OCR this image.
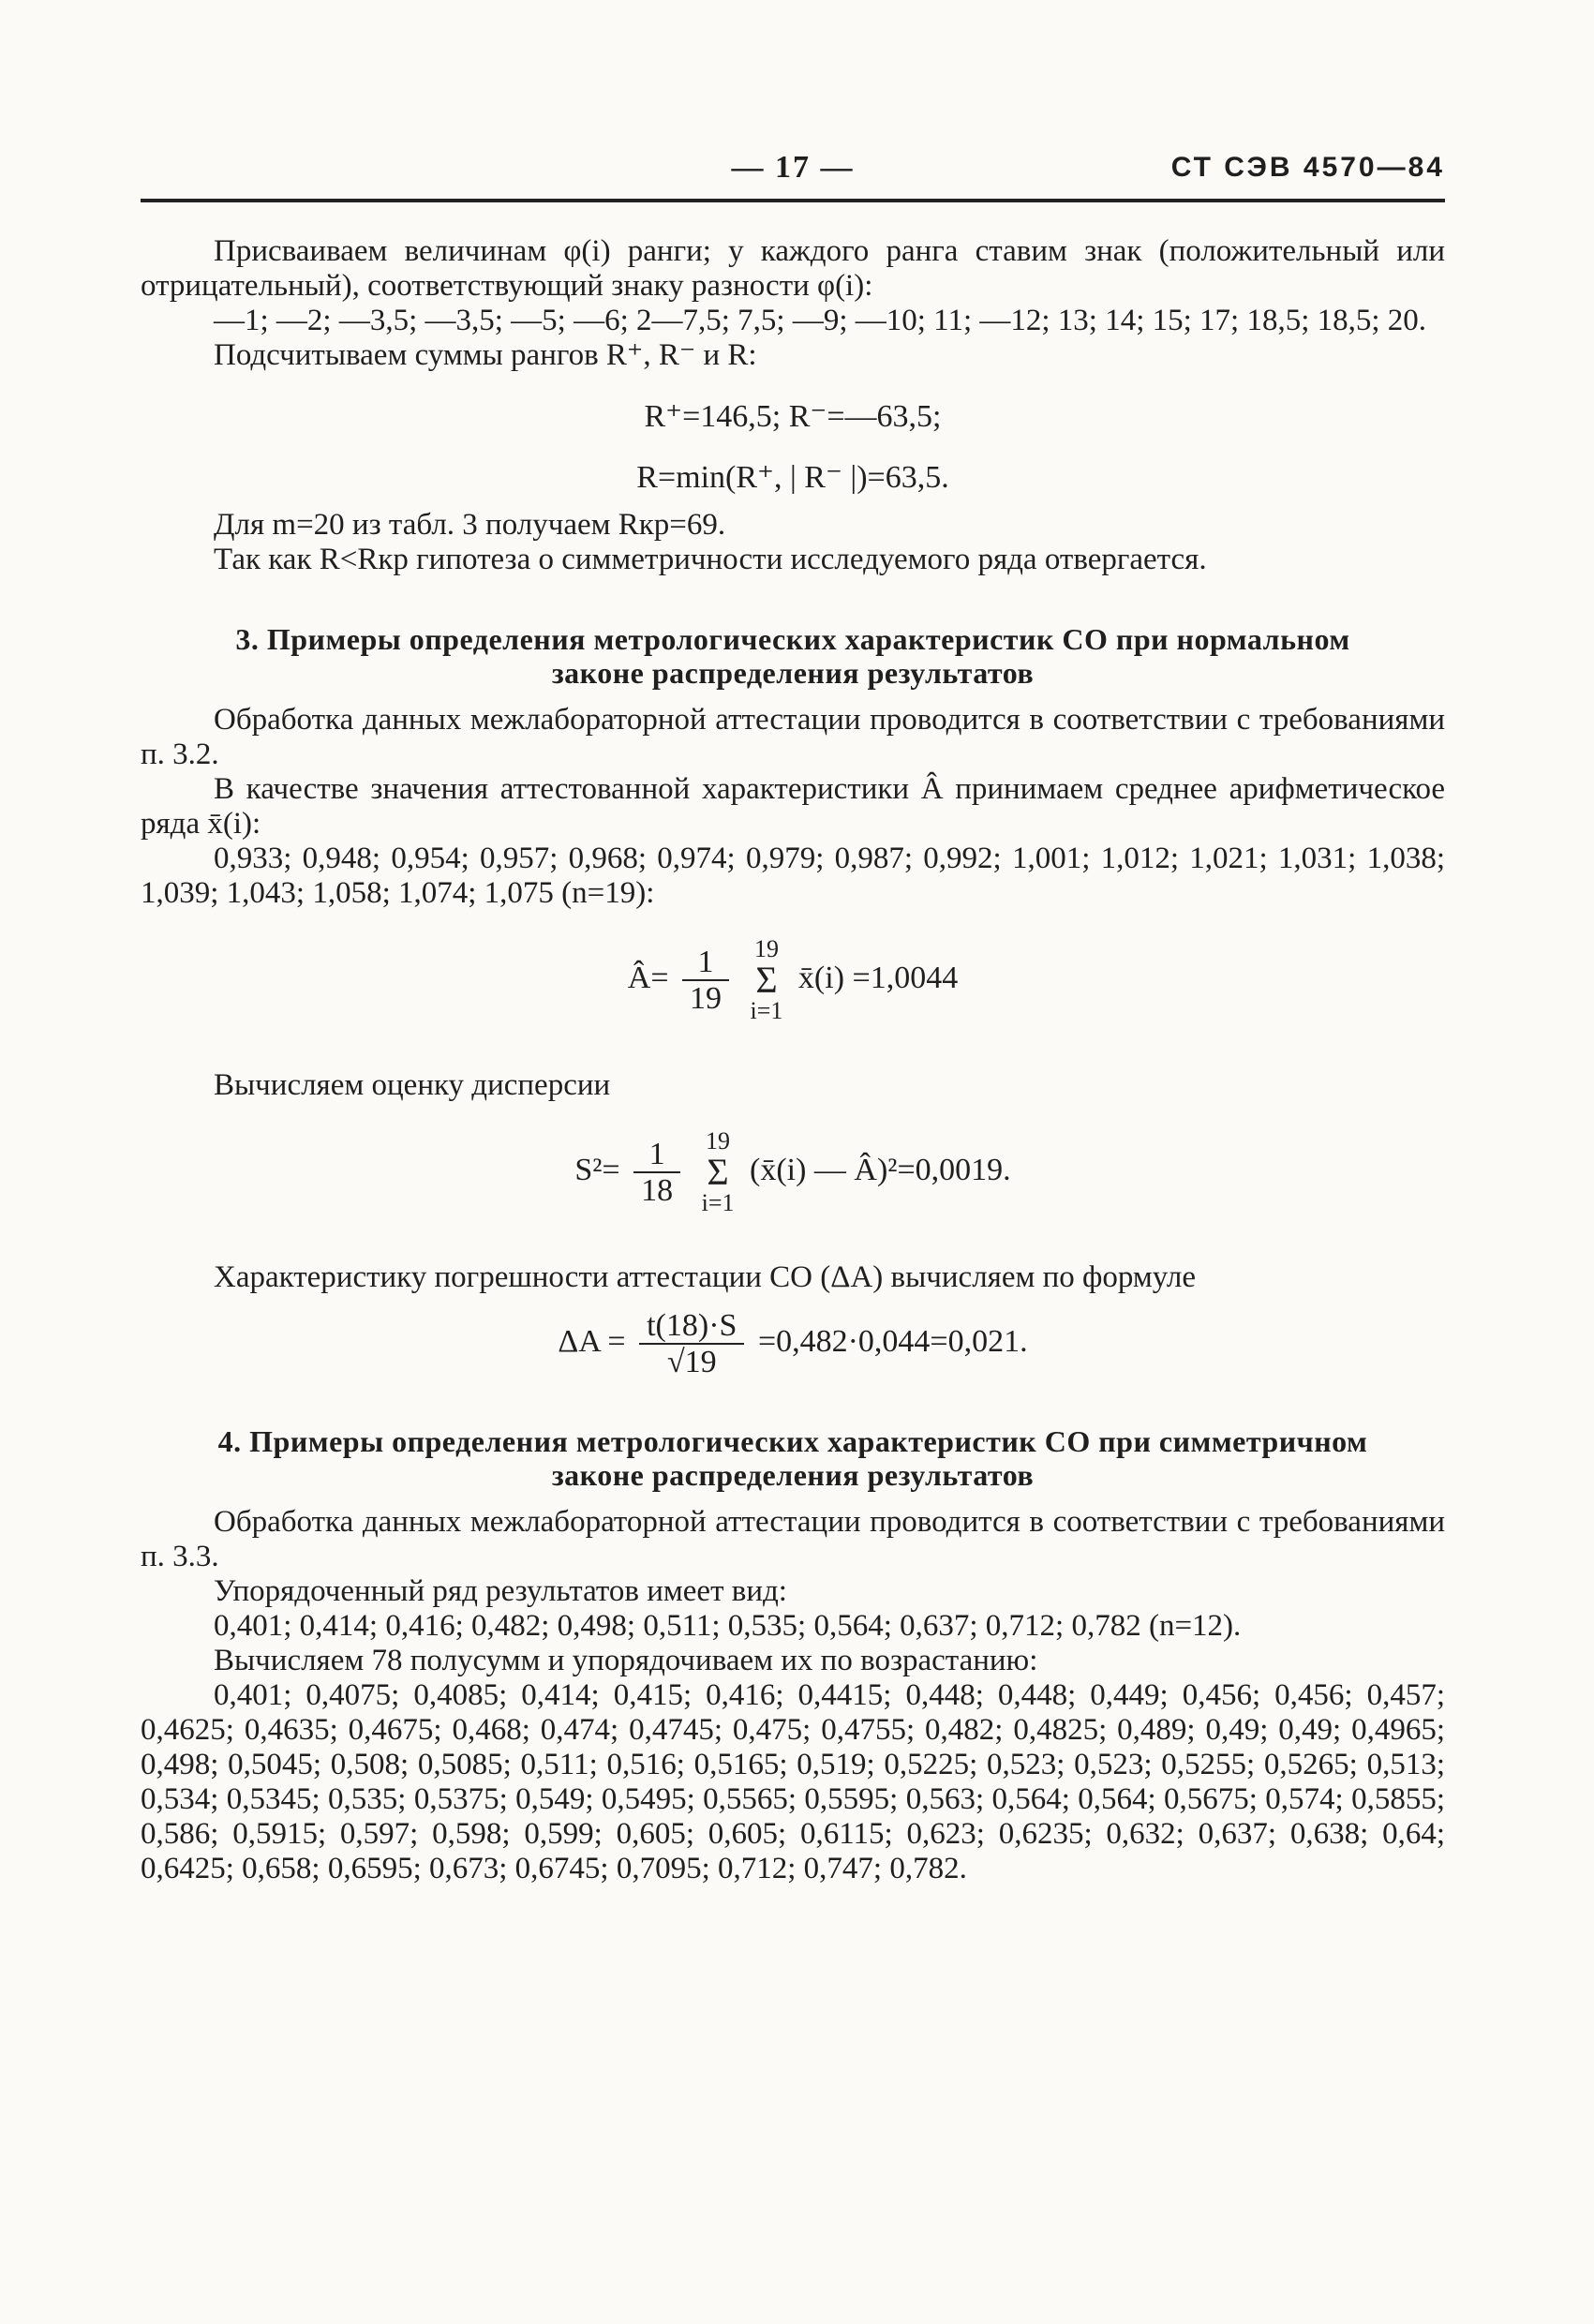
— 17 —	СТ СЭВ 4570—84

Присваиваем величинам φ(i) ранги; у каждого ранга ставим знак (положительный или отрицательный), соответствующий знаку разности φ(i):

—1; —2; —3,5; —3,5; —5; —6; 2—7,5; 7,5; —9; —10; 11; —12; 13; 14; 15; 17; 18,5; 18,5; 20.

Подсчитываем суммы рангов R⁺, R⁻ и R:

R⁺=146,5; R⁻=—63,5;
R=min(R⁺, | R⁻ |)=63,5.

Для m=20 из табл. 3 получаем Rкр=69.

Так как R<Rкр гипотеза о симметричности исследуемого ряда отвергается.

3. Примеры определения метрологических характеристик СО при нормальном
законе распределения результатов

Обработка данных межлабораторной аттестации проводится в соответствии с требованиями п. 3.2.

В качестве значения аттестованной характеристики Â принимаем среднее арифметическое ряда x̄(i):

0,933; 0,948; 0,954; 0,957; 0,968; 0,974; 0,979; 0,987; 0,992; 1,001; 1,012; 1,021; 1,031; 1,038; 1,039; 1,043; 1,058; 1,074; 1,075 (n=19):

Â= $\frac{1}{19} 19$
Σ
i=1 x̄(i) =1,0044

Вычисляем оценку дисперсии

$S^2= \frac{1}{18} 19$
Σ
i=1 (x̄(i) — Â)²=0,0019.

Характеристику погрешности аттестации СО (ΔA) вычисляем по формуле

$\Delta A = \frac{t(18)\cdot S}{√19} =0,482\cdot 0,044=0,021$.
4. Примеры определения метрологических характеристик СО при симметричном
законе распределения результатов

Обработка данных межлабораторной аттестации проводится в соответствии с требованиями п. 3.3.

Упорядоченный ряд результатов имеет вид:

0,401; 0,414; 0,416; 0,482; 0,498; 0,511; 0,535; 0,564; 0,637; 0,712; 0,782 (n=12).

Вычисляем 78 полусумм и упорядочиваем их по возрастанию:

0,401; 0,4075; 0,4085; 0,414; 0,415; 0,416; 0,4415; 0,448; 0,448; 0,449; 0,456; 0,456; 0,457; 0,4625; 0,4635; 0,4675; 0,468; 0,474; 0,4745; 0,475; 0,4755; 0,482; 0,4825; 0,489; 0,49; 0,49; 0,4965; 0,498; 0,5045; 0,508; 0,5085; 0,511; 0,516; 0,5165; 0,519; 0,5225; 0,523; 0,523; 0,5255; 0,5265; 0,513; 0,534; 0,5345; 0,535; 0,5375; 0,549; 0,5495; 0,5565; 0,5595; 0,563; 0,564; 0,564; 0,5675; 0,574; 0,5855; 0,586; 0,5915; 0,597; 0,598; 0,599; 0,605; 0,605; 0,6115; 0,623; 0,6235; 0,632; 0,637; 0,638; 0,64; 0,6425; 0,658; 0,6595; 0,673; 0,6745; 0,7095; 0,712; 0,747; 0,782.
